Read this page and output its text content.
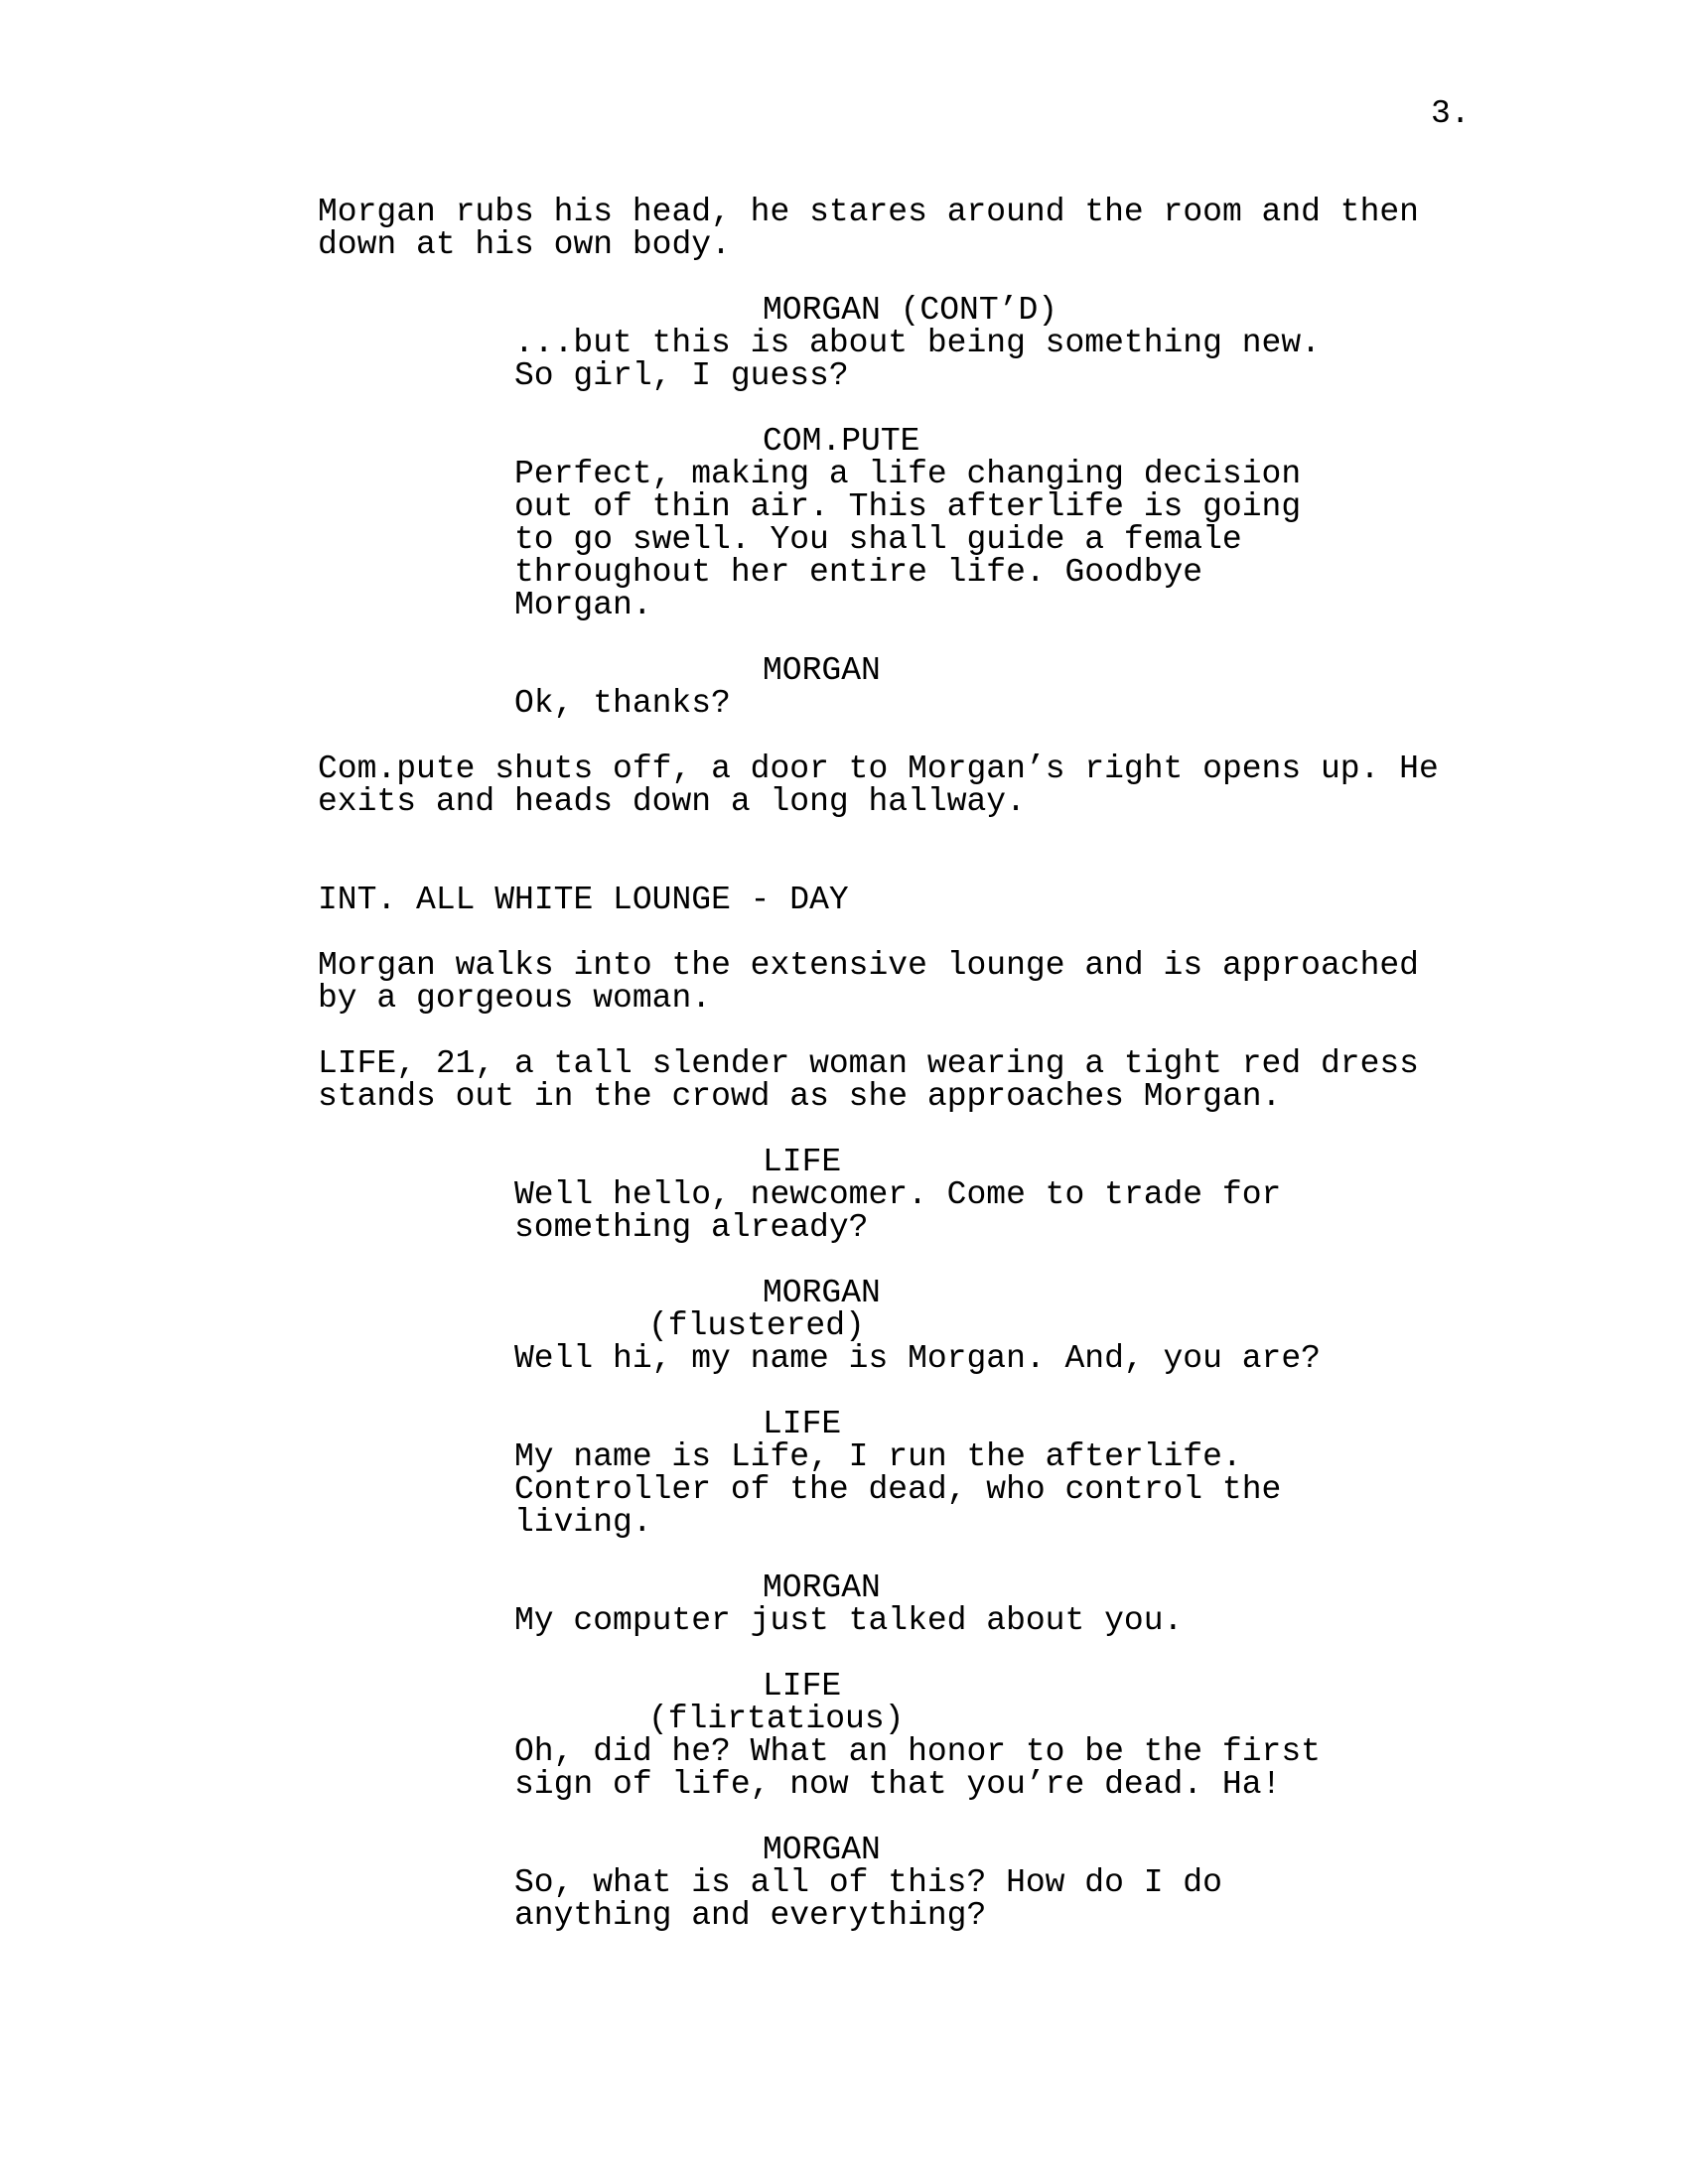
3.
Morgan rubs his head, he stares around the room and then
down at his own body.
MORGAN (CONT’D)
...but this is about being something new.
So girl, I guess?
COM.PUTE
Perfect, making a life changing decision
out of thin air. This afterlife is going
to go swell. You shall guide a female
throughout her entire life. Goodbye
Morgan.
MORGAN
Ok, thanks?
Com.pute shuts off, a door to Morgan’s right opens up. He
exits and heads down a long hallway.
INT. ALL WHITE LOUNGE - DAY
Morgan walks into the extensive lounge and is approached
by a gorgeous woman.
LIFE, 21, a tall slender woman wearing a tight red dress
stands out in the crowd as she approaches Morgan.
LIFE
Well hello, newcomer. Come to trade for
something already?
MORGAN
(flustered)
Well hi, my name is Morgan. And, you are?
LIFE
My name is Life, I run the afterlife.
Controller of the dead, who control the
living.
MORGAN
My computer just talked about you.
LIFE
(flirtatious)
Oh, did he? What an honor to be the first
sign of life, now that you’re dead. Ha!
MORGAN
So, what is all of this? How do I do
anything and everything?
